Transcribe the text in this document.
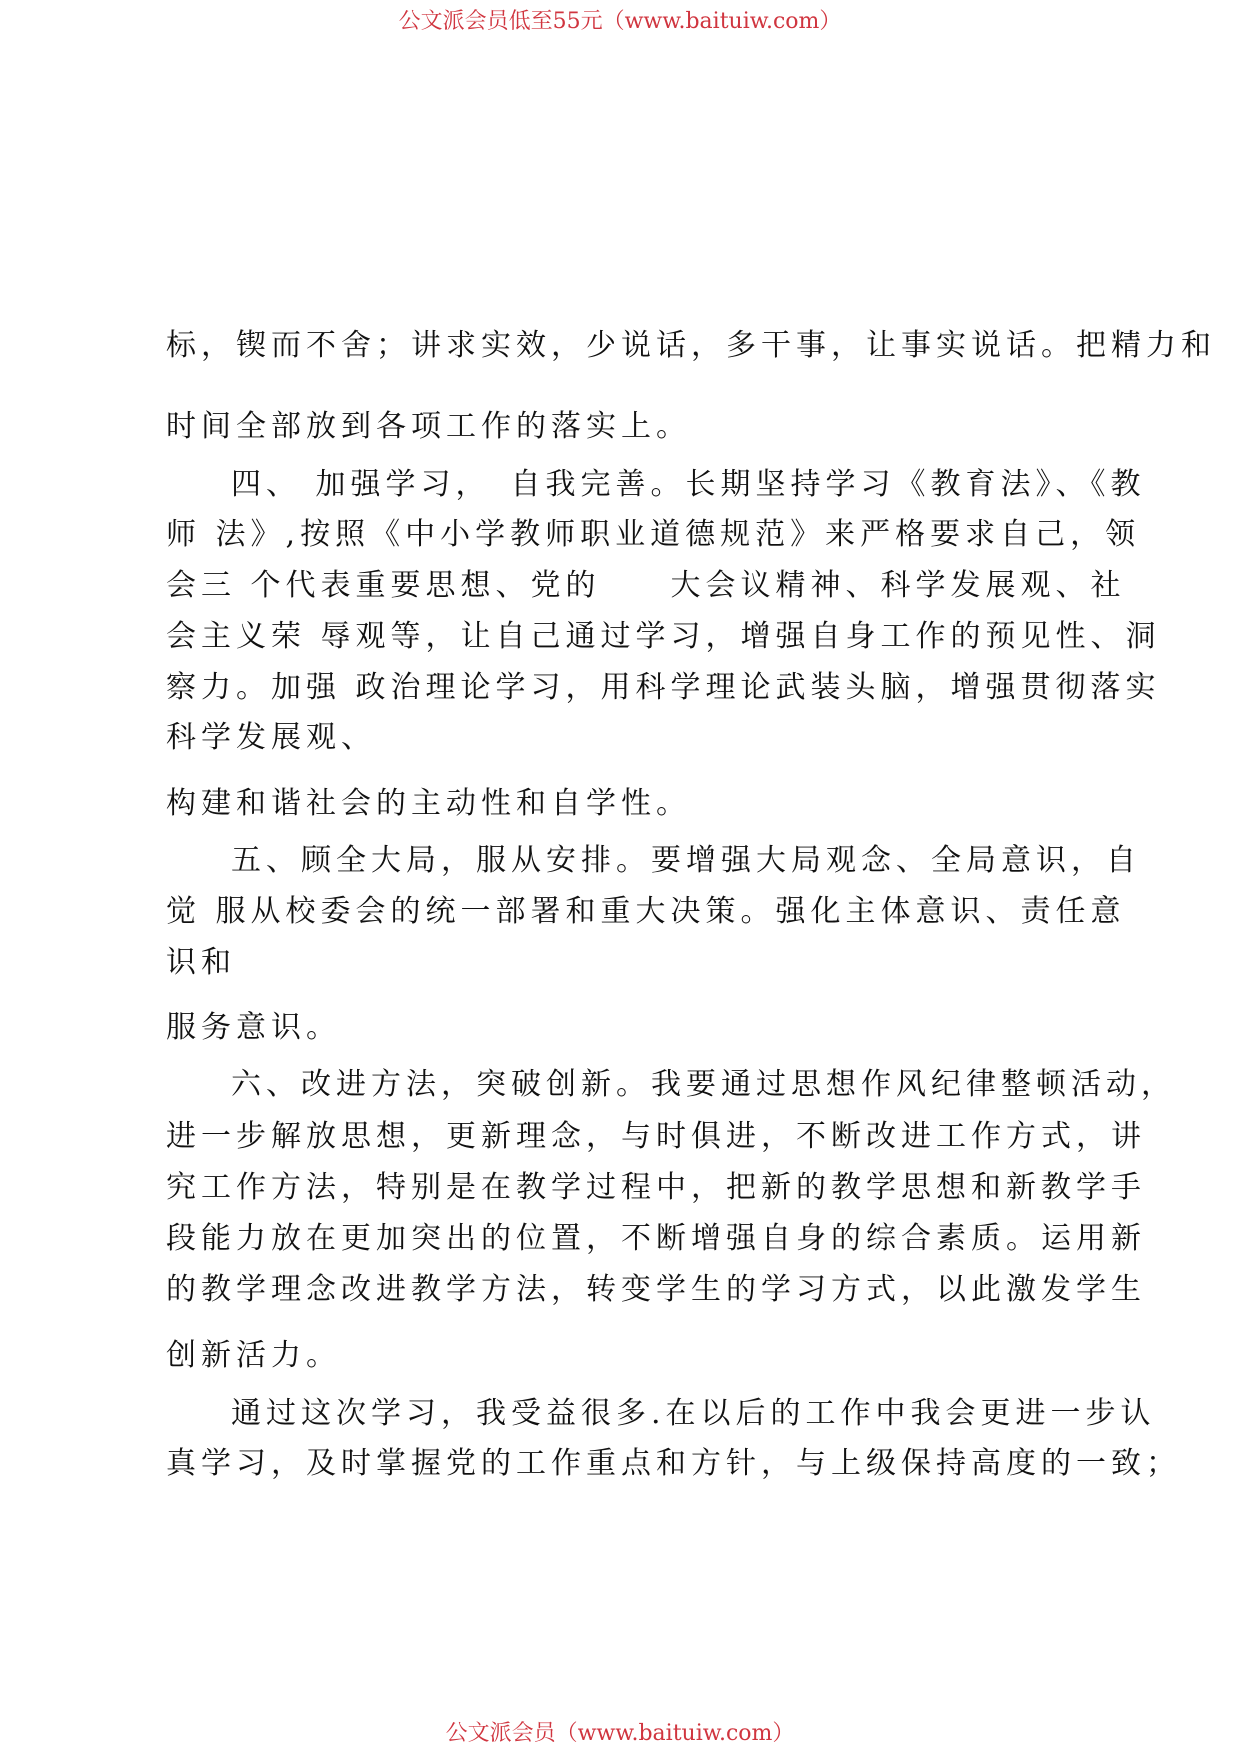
公文派会员低至55元（www.baituiw.com）
标，锲而不舍；讲求实效，少说话，多干事，让事实说话。把精力和
时间全部放到各项工作的落实上。
四、 加强学习，　自我完善。长期坚持学习《教育法》、《教
师 法》,按照《中小学教师职业道德规范》来严格要求自己，领
会三 个代表重要思想、党的　　大会议精神、科学发展观、社
会主义荣 辱观等，让自己通过学习，增强自身工作的预见性、洞
察力。加强 政治理论学习，用科学理论武装头脑，增强贯彻落实
科学发展观、
构建和谐社会的主动性和自学性。
五、顾全大局，服从安排。要增强大局观念、全局意识，自
觉 服从校委会的统一部署和重大决策。强化主体意识、责任意
识和
服务意识。
六、改进方法，突破创新。我要通过思想作风纪律整顿活动，
进一步解放思想，更新理念，与时俱进，不断改进工作方式，讲
究工作方法，特别是在教学过程中，把新的教学思想和新教学手
段能力放在更加突出的位置，不断增强自身的综合素质。运用新
的教学理念改进教学方法，转变学生的学习方式，以此激发学生
创新活力。
通过这次学习，我受益很多.在以后的工作中我会更进一步认
真学习，及时掌握党的工作重点和方针，与上级保持高度的一致；
公文派会员（www.baituiw.com）
